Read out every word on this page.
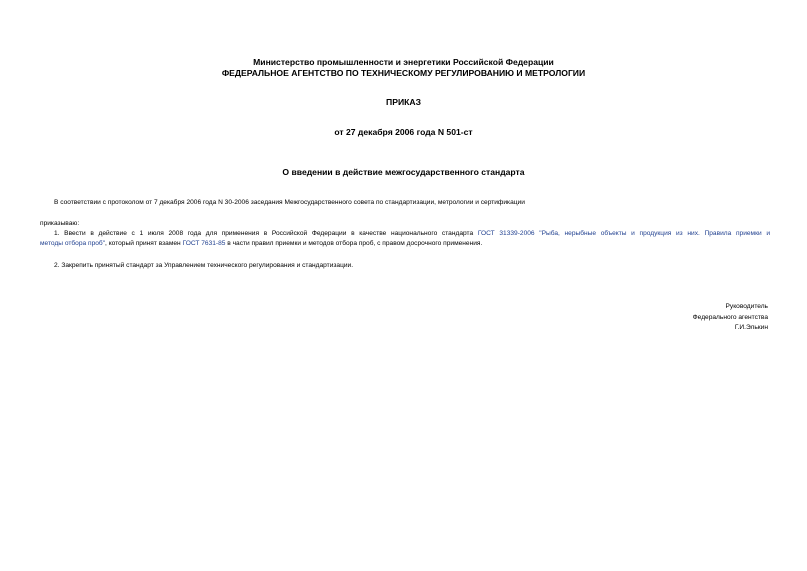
Министерство промышленности и энергетики Российской Федерации
ФЕДЕРАЛЬНОЕ АГЕНТСТВО ПО ТЕХНИЧЕСКОМУ РЕГУЛИРОВАНИЮ И МЕТРОЛОГИИ
ПРИКАЗ
от 27 декабря 2006 года N 501-ст
О введении в действие межгосударственного стандарта
В соответствии с протоколом от 7 декабря 2006 года N 30-2006 заседания Межгосударственного совета по стандартизации, метрологии и сертификации
приказываю:
1. Ввести в действие с 1 июля 2008 года для применения в Российской Федерации в качестве национального стандарта ГОСТ 31339-2006 "Рыба, нерыбные объекты и продукция из них. Правила приемки и
методы отбора проб", который принят взамен ГОСТ 7631-85 в части правил приемки и методов отбора проб, с правом досрочного применения.
2. Закрепить принятый стандарт за Управлением технического регулирования и стандартизации.
Руководитель
Федерального агентства
Г.И.Элькин
